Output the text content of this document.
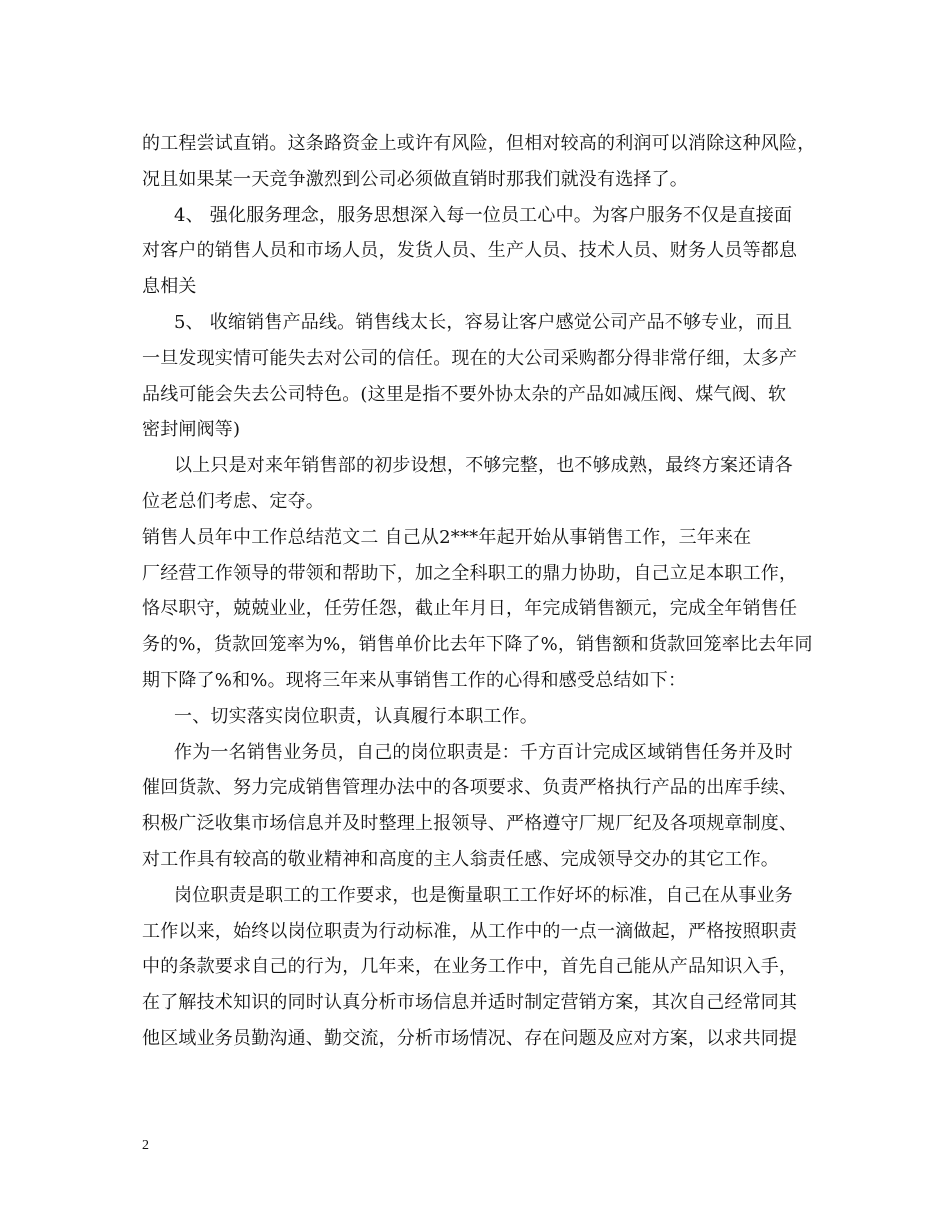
的工程尝试直销。这条路资金上或许有风险，但相对较高的利润可以消除这种风险，
况且如果某一天竞争激烈到公司必须做直销时那我们就没有选择了。
4、 强化服务理念，服务思想深入每一位员工心中。为客户服务不仅是直接面
对客户的销售人员和市场人员，发货人员、生产人员、技术人员、财务人员等都息
息相关
5、 收缩销售产品线。销售线太长，容易让客户感觉公司产品不够专业，而且
一旦发现实情可能失去对公司的信任。现在的大公司采购都分得非常仔细，太多产
品线可能会失去公司特色。(这里是指不要外协太杂的产品如减压阀、煤气阀、软
密封闸阀等)
以上只是对来年销售部的初步设想，不够完整，也不够成熟，最终方案还请各
位老总们考虑、定夺。
销售人员年中工作总结范文二 自己从2***年起开始从事销售工作，三年来在
厂经营工作领导的带领和帮助下，加之全科职工的鼎力协助，自己立足本职工作，
恪尽职守，兢兢业业，任劳任怨，截止年月日，年完成销售额元，完成全年销售任
务的%，货款回笼率为%，销售单价比去年下降了%，销售额和货款回笼率比去年同
期下降了%和%。现将三年来从事销售工作的心得和感受总结如下：
一、切实落实岗位职责，认真履行本职工作。
作为一名销售业务员，自己的岗位职责是：千方百计完成区域销售任务并及时
催回货款、努力完成销售管理办法中的各项要求、负责严格执行产品的出库手续、
积极广泛收集市场信息并及时整理上报领导、严格遵守厂规厂纪及各项规章制度、
对工作具有较高的敬业精神和高度的主人翁责任感、完成领导交办的其它工作。
岗位职责是职工的工作要求，也是衡量职工工作好坏的标准，自己在从事业务
工作以来，始终以岗位职责为行动标准，从工作中的一点一滴做起，严格按照职责
中的条款要求自己的行为，几年来，在业务工作中，首先自己能从产品知识入手，
在了解技术知识的同时认真分析市场信息并适时制定营销方案，其次自己经常同其
他区域业务员勤沟通、勤交流，分析市场情况、存在问题及应对方案，以求共同提
2
